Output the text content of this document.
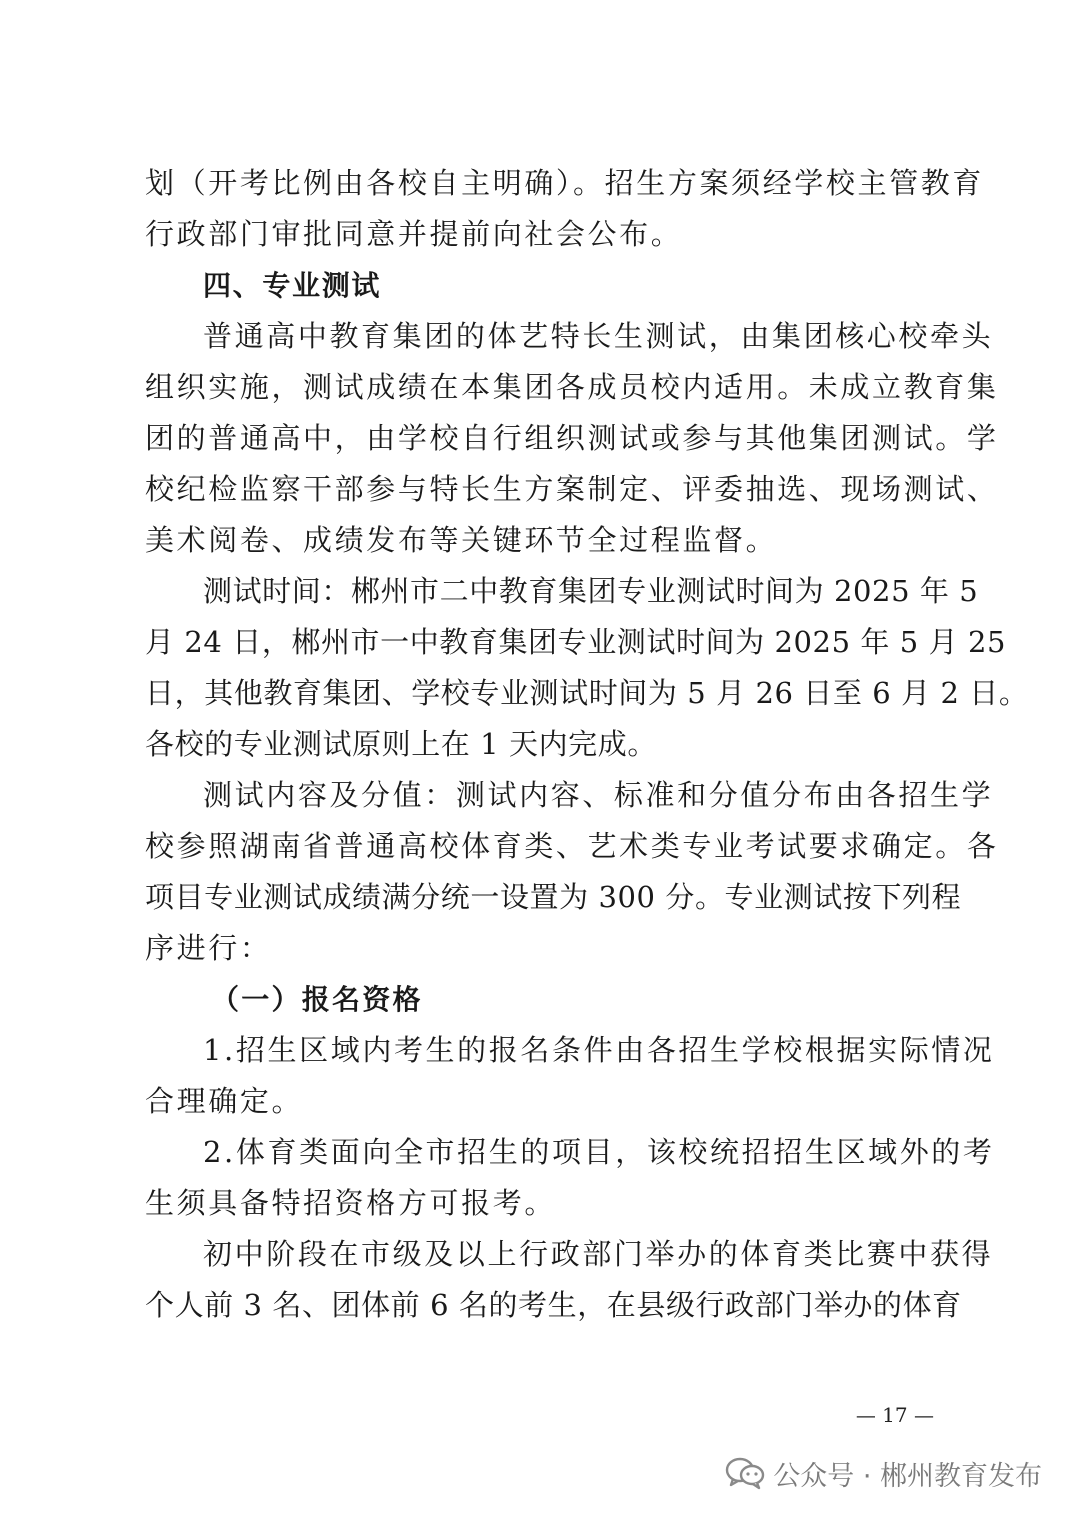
划（开考比例由各校自主明确）。招生方案须经学校主管教育
行政部门审批同意并提前向社会公布。
四、专业测试
普通高中教育集团的体艺特长生测试，由集团核心校牵头
组织实施，测试成绩在本集团各成员校内适用。未成立教育集
团的普通高中，由学校自行组织测试或参与其他集团测试。学
校纪检监察干部参与特长生方案制定、评委抽选、现场测试、
美术阅卷、成绩发布等关键环节全过程监督。
测试时间：郴州市二中教育集团专业测试时间为 2025 年 5
月 24 日，郴州市一中教育集团专业测试时间为 2025 年 5 月 25
日，其他教育集团、学校专业测试时间为 5 月 26 日至 6 月 2 日。
各校的专业测试原则上在 1 天内完成。
测试内容及分值：测试内容、标准和分值分布由各招生学
校参照湖南省普通高校体育类、艺术类专业考试要求确定。各
项目专业测试成绩满分统一设置为 300 分。专业测试按下列程
序进行：
（一）报名资格
1.招生区域内考生的报名条件由各招生学校根据实际情况
合理确定。
2.体育类面向全市招生的项目，该校统招招生区域外的考
生须具备特招资格方可报考。
初中阶段在市级及以上行政部门举办的体育类比赛中获得
个人前 3 名、团体前 6 名的考生，在县级行政部门举办的体育
— 17 —
公众号 · 郴州教育发布
